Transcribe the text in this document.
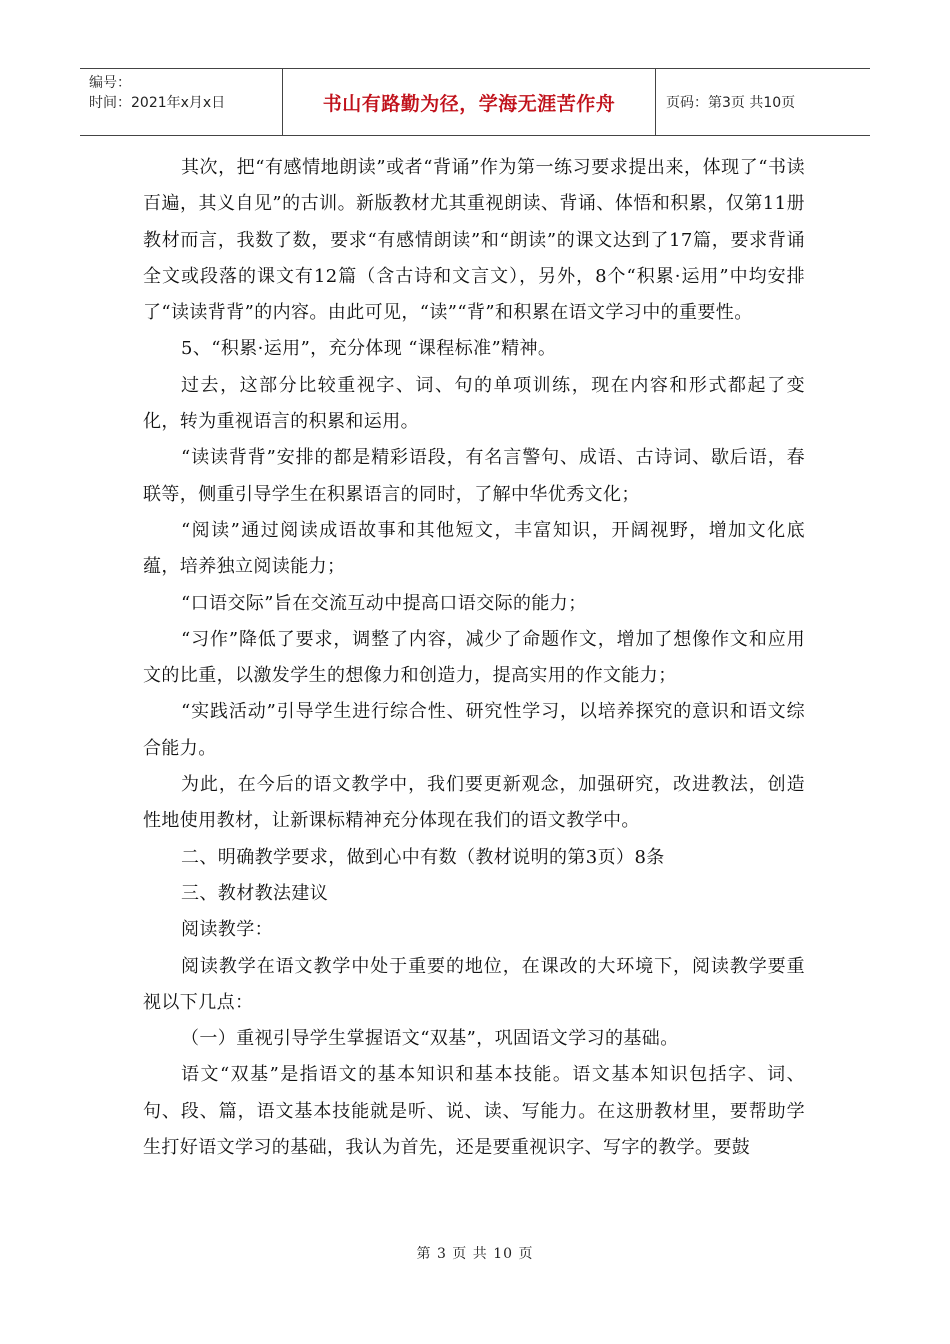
编号：
时间：2021年x月x日	书山有路勤为径，学海无涯苦作舟	页码：第3页 共10页

其次，把“有感情地朗读”或者“背诵”作为第一练习要求提出来，体现了“书读百遍，其义自见”的古训。新版教材尤其重视朗读、背诵、体悟和积累，仅第11册教材而言，我数了数，要求“有感情朗读”和“朗读”的课文达到了17篇，要求背诵全文或段落的课文有12篇（含古诗和文言文），另外，8个“积累·运用”中均安排了“读读背背”的内容。由此可见，“读”“背”和积累在语文学习中的重要性。

5、“积累·运用”，充分体现 “课程标准”精神。

过去，这部分比较重视字、词、句的单项训练，现在内容和形式都起了变化，转为重视语言的积累和运用。

“读读背背”安排的都是精彩语段，有名言警句、成语、古诗词、歇后语，春联等，侧重引导学生在积累语言的同时，了解中华优秀文化；

“阅读”通过阅读成语故事和其他短文，丰富知识，开阔视野，增加文化底蕴，培养独立阅读能力；

“口语交际”旨在交流互动中提高口语交际的能力；

“习作”降低了要求，调整了内容，减少了命题作文，增加了想像作文和应用文的比重，以激发学生的想像力和创造力，提高实用的作文能力；

“实践活动”引导学生进行综合性、研究性学习，以培养探究的意识和语文综合能力。

为此，在今后的语文教学中，我们要更新观念，加强研究，改进教法，创造性地使用教材，让新课标精神充分体现在我们的语文教学中。

二、明确教学要求，做到心中有数（教材说明的第3页）8条

三、教材教法建议

阅读教学：

阅读教学在语文教学中处于重要的地位，在课改的大环境下，阅读教学要重视以下几点：

（一）重视引导学生掌握语文“双基”，巩固语文学习的基础。

语文“双基”是指语文的基本知识和基本技能。语文基本知识包括字、词、句、段、篇，语文基本技能就是听、说、读、写能力。在这册教材里，要帮助学生打好语文学习的基础，我认为首先，还是要重视识字、写字的教学。要鼓

第 3 页 共 10 页
